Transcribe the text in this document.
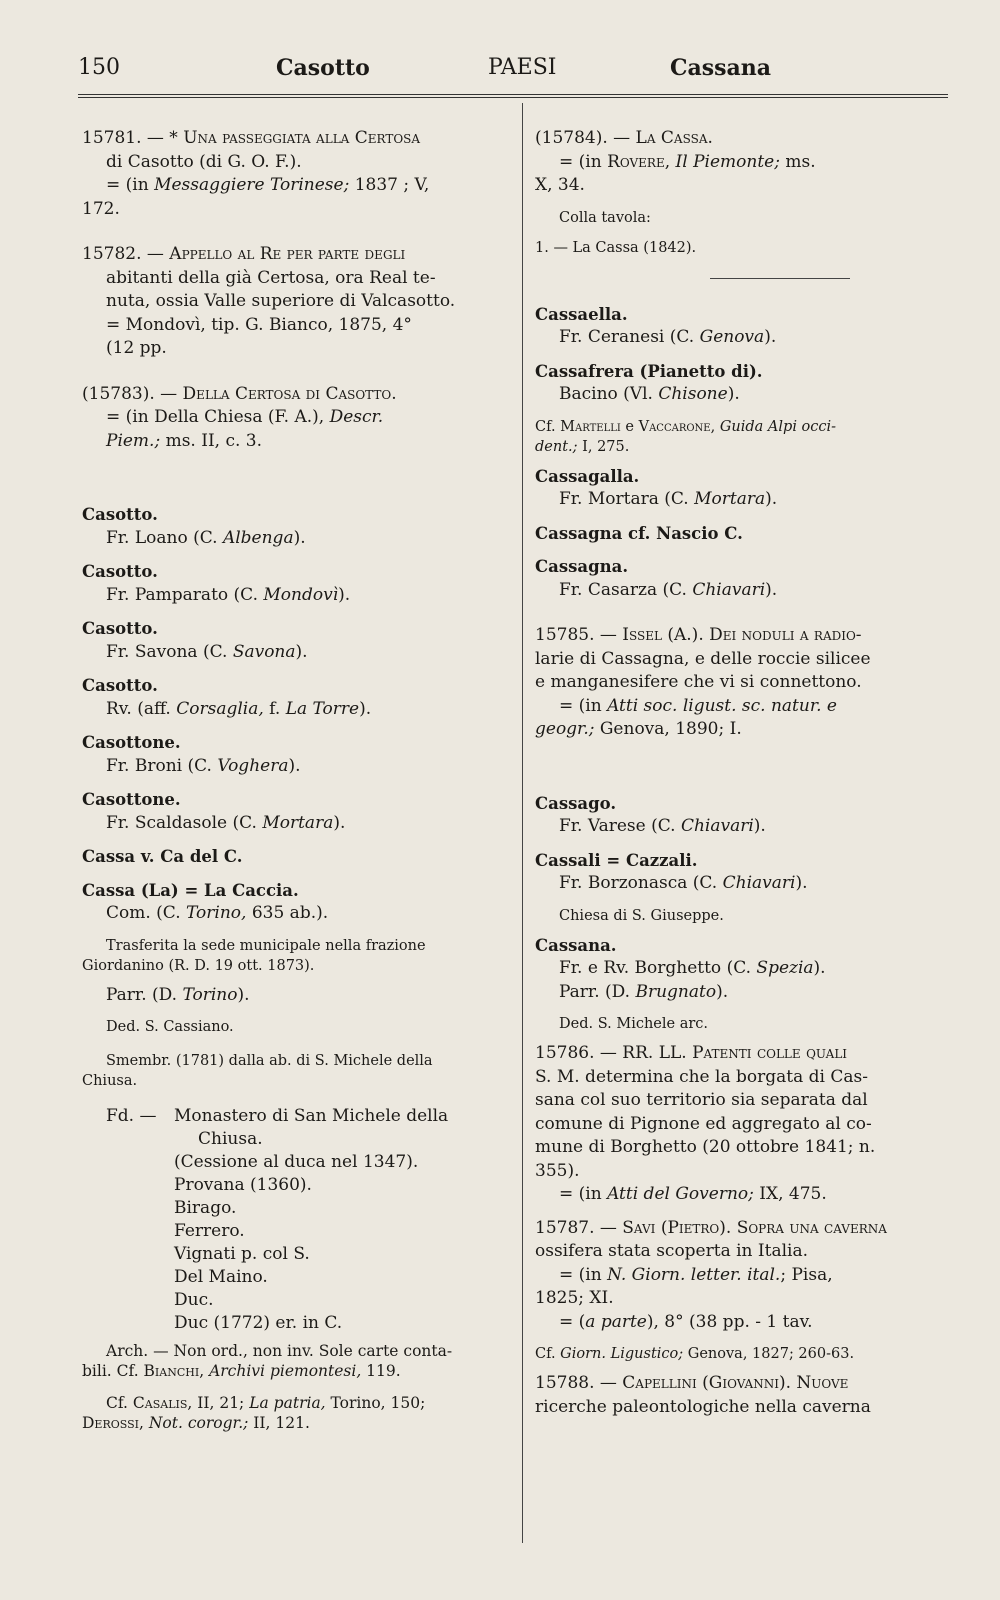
150	Casotto	PAESI	Cassana

15781. — * Una passeggiata alla Certosa

di Casotto (di G. O. F.).

= (in Messaggiere Torinese; 1837 ; V,

172.

15782. — Appello al Re per parte degli

abitanti della già Certosa, ora Real te-

nuta, ossia Valle superiore di Valcasotto.

= Mondovì, tip. G. Bianco, 1875, 4°

(12 pp.

(15783). — Della Certosa di Casotto.

= (in Della Chiesa (F. A.), Descr.

Piem.; ms. II, c. 3.

Casotto.

Fr. Loano (C. Albenga).

Casotto.

Fr. Pamparato (C. Mondovì).

Casotto.

Fr. Savona (C. Savona).

Casotto.

Rv. (aff. Corsaglia, f. La Torre).

Casottone.

Fr. Broni (C. Voghera).

Casottone.

Fr. Scaldasole (C. Mortara).

Cassa v. Ca del C.

Cassa (La) = La Caccia.

Com. (C. Torino, 635 ab.).

Trasferita la sede municipale nella frazione

Giordanino (R. D. 19 ott. 1873).

Parr. (D. Torino).

Ded. S. Cassiano.

Smembr. (1781) dalla ab. di S. Michele della

Chiusa.

Fd. —	Monastero di San Michele della
Chiusa.
(Cessione al duca nel 1347).
Provana (1360).
Birago.
Ferrero.
Vignati p. col S.
Del Maino.
Duc.
Duc (1772) er. in C.

Arch. — Non ord., non inv. Sole carte conta-

bili. Cf. Bianchi, Archivi piemontesi, 119.

Cf. Casalis, II, 21; La patria, Torino, 150;

Derossi, Not. corogr.; II, 121.

(15784). — La Cassa.

= (in Rovere, Il Piemonte; ms.

X, 34.

Colla tavola:

1. — La Cassa (1842).

Cassaella.

Fr. Ceranesi (C. Genova).

Cassafrera (Pianetto di).

Bacino (Vl. Chisone).

Cf. Martelli e Vaccarone, Guida Alpi occi-

dent.; I, 275.

Cassagalla.

Fr. Mortara (C. Mortara).

Cassagna cf. Nascio C.

Cassagna.

Fr. Casarza (C. Chiavari).

15785. — Issel (A.). Dei noduli a radio-

larie di Cassagna, e delle roccie silicee

e manganesifere che vi si connettono.

= (in Atti soc. ligust. sc. natur. e

geogr.; Genova, 1890; I.

Cassago.

Fr. Varese (C. Chiavari).

Cassali = Cazzali.

Fr. Borzonasca (C. Chiavari).

Chiesa di S. Giuseppe.

Cassana.

Fr. e Rv. Borghetto (C. Spezia).

Parr. (D. Brugnato).

Ded. S. Michele arc.

15786. — RR. LL. Patenti colle quali

S. M. determina che la borgata di Cas-

sana col suo territorio sia separata dal

comune di Pignone ed aggregato al co-

mune di Borghetto (20 ottobre 1841; n.

355).

= (in Atti del Governo; IX, 475.

15787. — Savi (Pietro). Sopra una caverna

ossifera stata scoperta in Italia.

= (in N. Giorn. letter. ital.; Pisa,

1825; XI.

= (a parte), 8° (38 pp. - 1 tav.

Cf. Giorn. Ligustico; Genova, 1827; 260-63.

15788. — Capellini (Giovanni). Nuove

ricerche paleontologiche nella caverna
